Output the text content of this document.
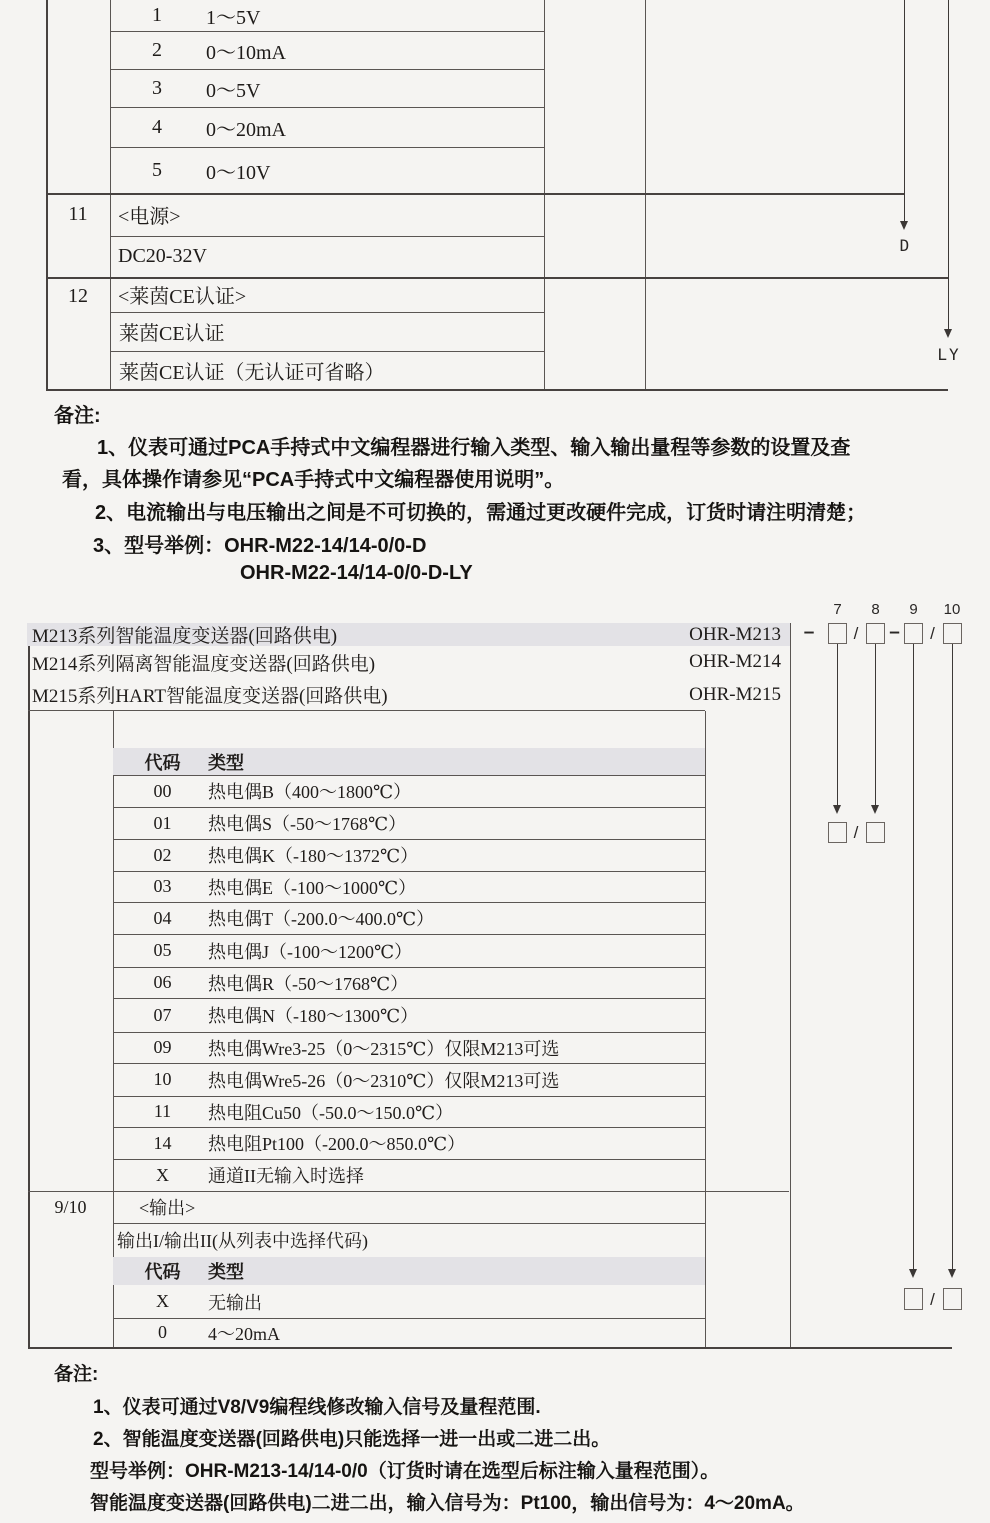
1	1～5V
2	0～10mA
3	0～5V
4	0～20mA
5	0～10V
11	<电源>
DC20-32V
12	<莱茵CE认证>
莱茵CE认证
莱茵CE认证（无认证可省略）
D
LY
备注:
1、仪表可通过PCA手持式中文编程器进行输入类型、输入输出量程等参数的设置及查
看，具体操作请参见“PCA手持式中文编程器使用说明”。
2、电流输出与电压输出之间是不可切换的，需通过更改硬件完成，订货时请注明清楚；
3、型号举例：OHR-M22-14/14-0/0-D
OHR-M22-14/14-0/0-D-LY
M213系列智能温度变送器(回路供电)	OHR-M213
M214系列隔离智能温度变送器(回路供电)	OHR-M214
M215系列HART智能温度变送器(回路供电)	OHR-M215
代码	类型
00	热电偶B（400～1800℃）
01	热电偶S（-50～1768℃）
02	热电偶K（-180～1372℃）
03	热电偶E（-100～1000℃）
04	热电偶T（-200.0～400.0℃）
05	热电偶J（-100～1200℃）
06	热电偶R（-50～1768℃）
07	热电偶N（-180～1300℃）
09	热电偶Wre3-25（0～2315℃）仅限M213可选
10	热电偶Wre5-26（0～2310℃）仅限M213可选
11	热电阻Cu50（-50.0～150.0℃）
14	热电阻Pt100（-200.0～850.0℃）
X	通道II无输入时选择
9/10	<输出>
输出I/输出II(从列表中选择代码)
代码	类型
X	无输出
0	4～20mA
7	8	9	10
–	/	–	/
/
/
备注:
1、仪表可通过V8/V9编程线修改输入信号及量程范围.
2、智能温度变送器(回路供电)只能选择一进一出或二进二出。
型号举例：OHR-M213-14/14-0/0（订货时请在选型后标注输入量程范围）。
智能温度变送器(回路供电)二进二出，输入信号为：Pt100，输出信号为：4～20mA。
